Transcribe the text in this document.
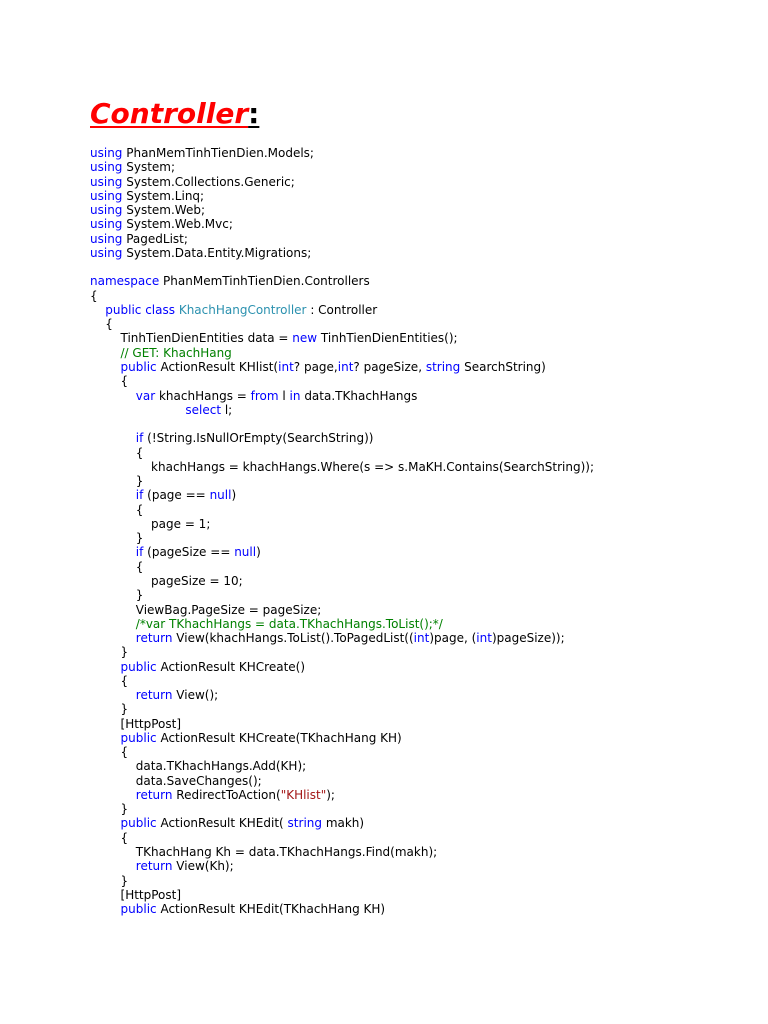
Controller:
using PhanMemTinhTienDien.Models;
using System;
using System.Collections.Generic;
using System.Linq;
using System.Web;
using System.Web.Mvc;
using PagedList;
using System.Data.Entity.Migrations;
namespace PhanMemTinhTienDien.Controllers
{
public class KhachHangController : Controller
{
TinhTienDienEntities data = new TinhTienDienEntities();
// GET: KhachHang
public ActionResult KHlist(int? page,int? pageSize, string SearchString)
{
var khachHangs = from l in data.TKhachHangs
select l;
if (!String.IsNullOrEmpty(SearchString))
{
khachHangs = khachHangs.Where(s => s.MaKH.Contains(SearchString));
}
if (page == null)
{
page = 1;
}
if (pageSize == null)
{
pageSize = 10;
}
ViewBag.PageSize = pageSize;
/*var TKhachHangs = data.TKhachHangs.ToList();*/
return View(khachHangs.ToList().ToPagedList((int)page, (int)pageSize));
}
public ActionResult KHCreate()
{
return View();
}
[HttpPost]
public ActionResult KHCreate(TKhachHang KH)
{
data.TKhachHangs.Add(KH);
data.SaveChanges();
return RedirectToAction("KHlist");
}
public ActionResult KHEdit( string makh)
{
TKhachHang Kh = data.TKhachHangs.Find(makh);
return View(Kh);
}
[HttpPost]
public ActionResult KHEdit(TKhachHang KH)
